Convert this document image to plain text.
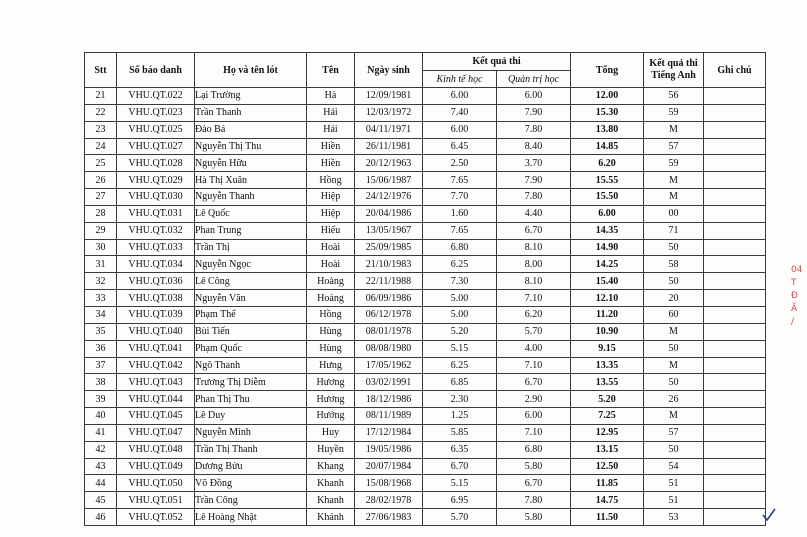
Stt	Số báo danh	Họ và tên lót	Tên	Ngày sinh	Kết quả thi		Tổng	Kết quả thi Tiếng Anh	Ghi chú
					Kinh tế học	Quản trị học			
21	VHU.QT.022	Lại Trường	Hà	12/09/1981	6.00	6.00	12.00	56	
22	VHU.QT.023	Trần Thanh	Hải	12/03/1972	7.40	7.90	15.30	59	
23	VHU.QT.025	Đào Bá	Hải	04/11/1971	6.00	7.80	13.80	M	
24	VHU.QT.027	Nguyễn Thị Thu	Hiền	26/11/1981	6.45	8.40	14.85	57	
25	VHU.QT.028	Nguyễn Hữu	Hiền	20/12/1963	2.50	3.70	6.20	59	
26	VHU.QT.029	Hà Thị Xuân	Hồng	15/06/1987	7.65	7.90	15.55	M	
27	VHU.QT.030	Nguyễn Thanh	Hiệp	24/12/1976	7.70	7.80	15.50	M	
28	VHU.QT.031	Lê Quốc	Hiệp	20/04/1986	1.60	4.40	6.00	00	
29	VHU.QT.032	Phan Trung	Hiếu	13/05/1967	7.65	6.70	14.35	71	
30	VHU.QT.033	Trần Thị	Hoài	25/09/1985	6.80	8.10	14.90	50	
31	VHU.QT.034	Nguyễn Ngọc	Hoài	21/10/1983	6.25	8.00	14.25	58	
32	VHU.QT.036	Lê Công	Hoàng	22/11/1988	7.30	8.10	15.40	50	
33	VHU.QT.038	Nguyễn Văn	Hoàng	06/09/1986	5.00	7.10	12.10	20	
34	VHU.QT.039	Phạm Thế	Hồng	06/12/1978	5.00	6.20	11.20	60	
35	VHU.QT.040	Bùi Tiến	Hùng	08/01/1978	5.20	5.70	10.90	M	
36	VHU.QT.041	Phạm Quốc	Hùng	08/08/1980	5.15	4.00	9.15	50	
37	VHU.QT.042	Ngô Thanh	Hưng	17/05/1962	6.25	7.10	13.35	M	
38	VHU.QT.043	Trương Thị Diễm	Hương	03/02/1991	6.85	6.70	13.55	50	
39	VHU.QT.044	Phan Thị Thu	Hương	18/12/1986	2.30	2.90	5.20	26	
40	VHU.QT.045	Lê Duy	Hướng	08/11/1989	1.25	6.00	7.25	M	
41	VHU.QT.047	Nguyễn Minh	Huy	17/12/1984	5.85	7.10	12.95	57	
42	VHU.QT.048	Trần Thị Thanh	Huyền	19/05/1986	6.35	6.80	13.15	50	
43	VHU.QT.049	Dương Bửu	Khang	20/07/1984	6.70	5.80	12.50	54	
44	VHU.QT.050	Võ Đồng	Khanh	15/08/1968	5.15	6.70	11.85	51	
45	VHU.QT.051	Trần Công	Khanh	28/02/1978	6.95	7.80	14.75	51	
46	VHU.QT.052	Lê Hoàng Nhật	Khánh	27/06/1983	5.70	5.80	11.50	53	
04
T
Đ
Ă
/
